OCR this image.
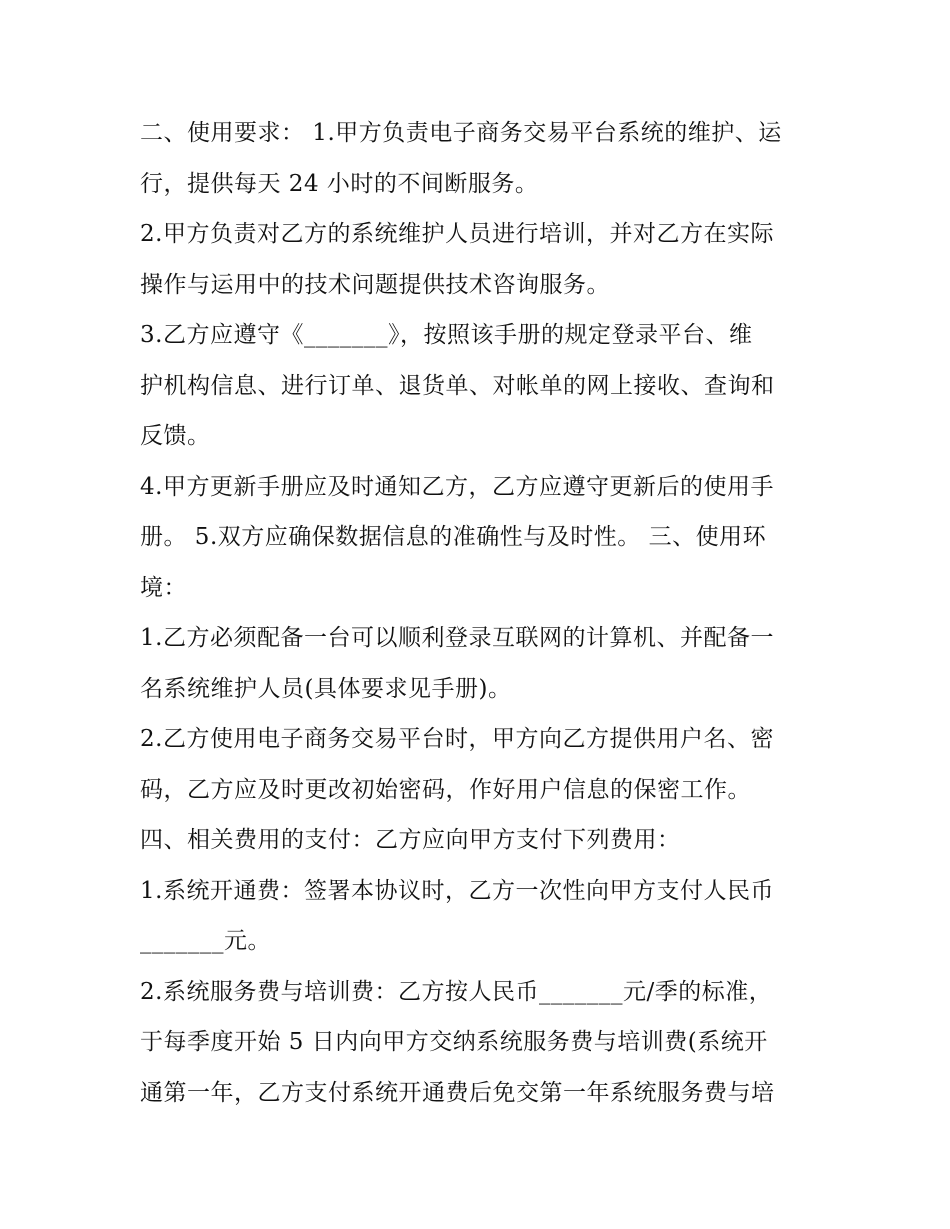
二、使用要求： 1.甲方负责电子商务交易平台系统的维护、运
行，提供每天 24 小时的不间断服务。
2.甲方负责对乙方的系统维护人员进行培训，并对乙方在实际
操作与运用中的技术问题提供技术咨询服务。
3.乙方应遵守《_______》，按照该手册的规定登录平台、维
护机构信息、进行订单、退货单、对帐单的网上接收、查询和
反馈。
4.甲方更新手册应及时通知乙方，乙方应遵守更新后的使用手
册。 5.双方应确保数据信息的准确性与及时性。 三、使用环
境：
1.乙方必须配备一台可以顺利登录互联网的计算机、并配备一
名系统维护人员(具体要求见手册)。
2.乙方使用电子商务交易平台时，甲方向乙方提供用户名、密
码，乙方应及时更改初始密码，作好用户信息的保密工作。
四、相关费用的支付：乙方应向甲方支付下列费用：
1.系统开通费：签署本协议时，乙方一次性向甲方支付人民币
_______元。
2.系统服务费与培训费：乙方按人民币_______元/季的标准，
于每季度开始 5 日内向甲方交纳系统服务费与培训费(系统开
通第一年，乙方支付系统开通费后免交第一年系统服务费与培
